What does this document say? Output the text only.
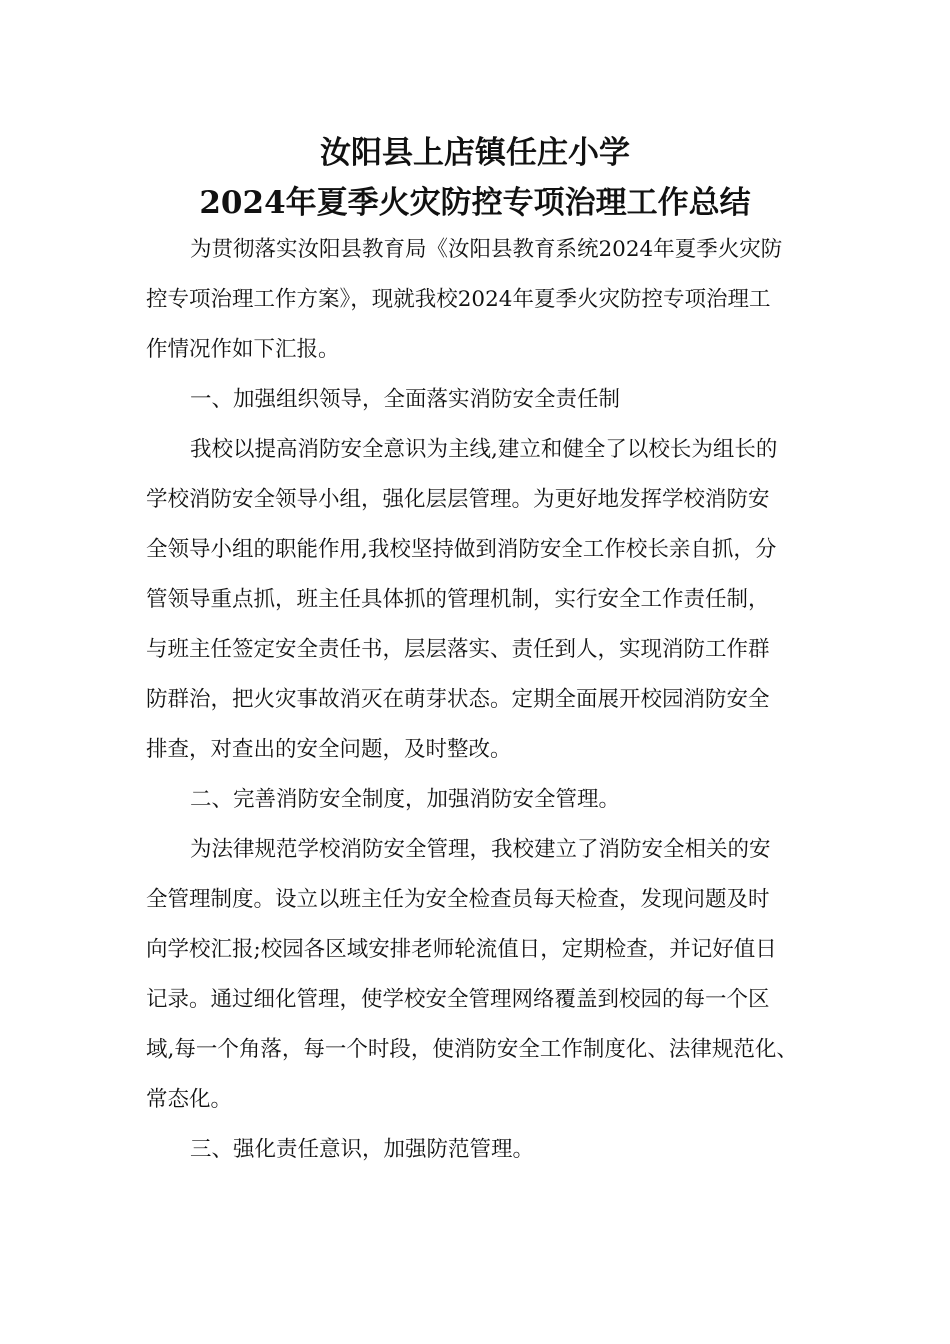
汝阳县上店镇任庄小学
2024年夏季火灾防控专项治理工作总结
为贯彻落实汝阳县教育局《汝阳县教育系统2024年夏季火灾防
控专项治理工作方案》，现就我校2024年夏季火灾防控专项治理工
作情况作如下汇报。
一、加强组织领导，全面落实消防安全责任制
我校以提高消防安全意识为主线,建立和健全了以校长为组长的
学校消防安全领导小组，强化层层管理。为更好地发挥学校消防安
全领导小组的职能作用,我校坚持做到消防安全工作校长亲自抓，分
管领导重点抓，班主任具体抓的管理机制，实行安全工作责任制，
与班主任签定安全责任书，层层落实、责任到人，实现消防工作群
防群治，把火灾事故消灭在萌芽状态。定期全面展开校园消防安全
排查，对查出的安全问题，及时整改。
二、完善消防安全制度，加强消防安全管理。
为法律规范学校消防安全管理，我校建立了消防安全相关的安
全管理制度。设立以班主任为安全检查员每天检查，发现问题及时
向学校汇报;校园各区域安排老师轮流值日，定期检查，并记好值日
记录。通过细化管理，使学校安全管理网络覆盖到校园的每一个区
域,每一个角落，每一个时段，使消防安全工作制度化、法律规范化、
常态化。
三、强化责任意识，加强防范管理。
